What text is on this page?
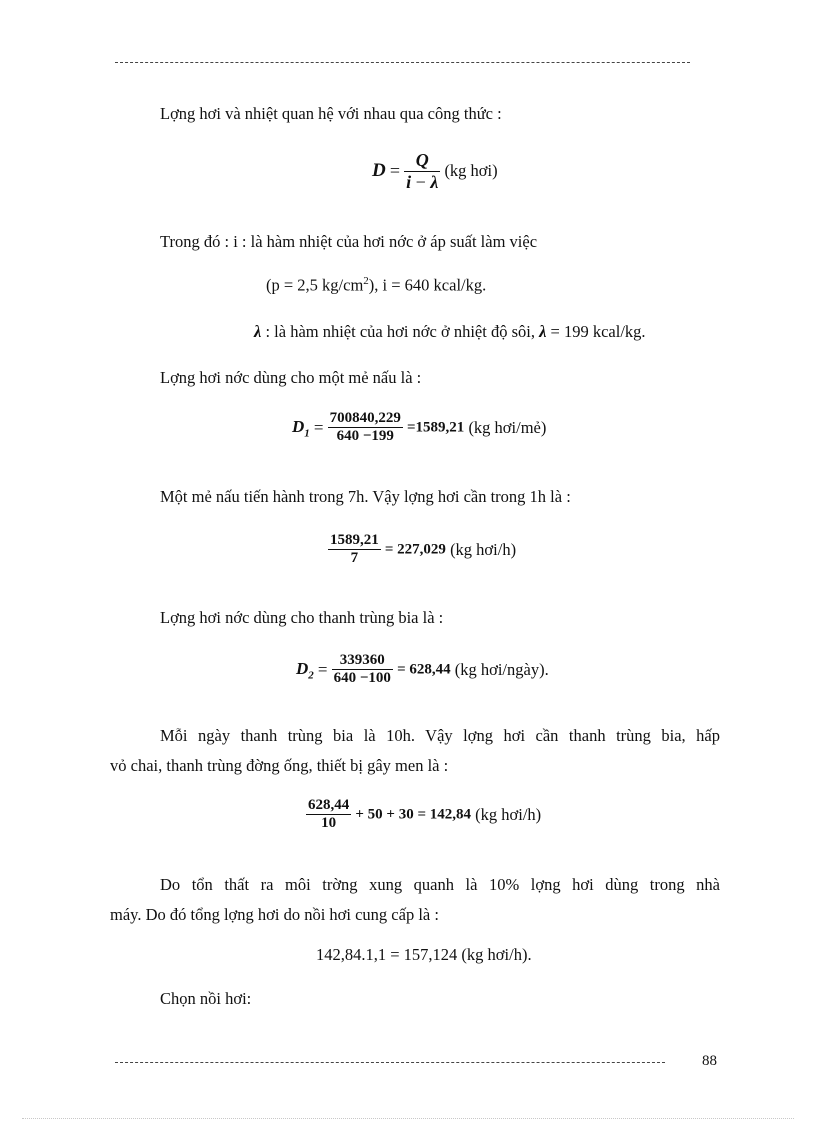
Lợng hơi và nhiệt quan hệ với nhau qua công thức :
$D = \frac{Q}{i - \lambda} (kg$ hơi)
Trong đó : i : là hàm nhiệt của hơi nớc ở áp suất làm việc
(p = 2,5 $kg/cm^2$), i = 640 kcal/kg.
λ : là hàm nhiệt của hơi nớc ở nhiệt độ sôi, λ = 199 kcal/kg.
Lợng hơi nớc dùng cho một mẻ nấu là :
$D_1 = \frac{700840,229}{640 -199} =1589,21$ (kg hơi/mẻ)
Một mẻ nấu tiến hành trong 7h. Vậy lợng hơi cần trong 1h là :
$\frac{1589,21}{7} = 227,029$ (kg hơi/h)
Lợng hơi nớc dùng cho thanh trùng bia là :
$D_2 = \frac{339360}{640 -100} = 628,44$ (kg hơi/ngày).
Mỗi ngày thanh trùng bia là 10h. Vậy lợng hơi cần thanh trùng bia, hấp
vỏ chai, thanh trùng đờng ống, thiết bị gây men là :
$\frac{628,44}{10} + 50 + 30 = 142,84$ (kg hơi/h)
Do tổn thất ra môi trờng xung quanh là 10% lợng hơi dùng trong nhà
máy. Do đó tổng lợng hơi do nồi hơi cung cấp là :
142,84.1,1 = 157,124 (kg hơi/h).
Chọn nồi hơi:
88
